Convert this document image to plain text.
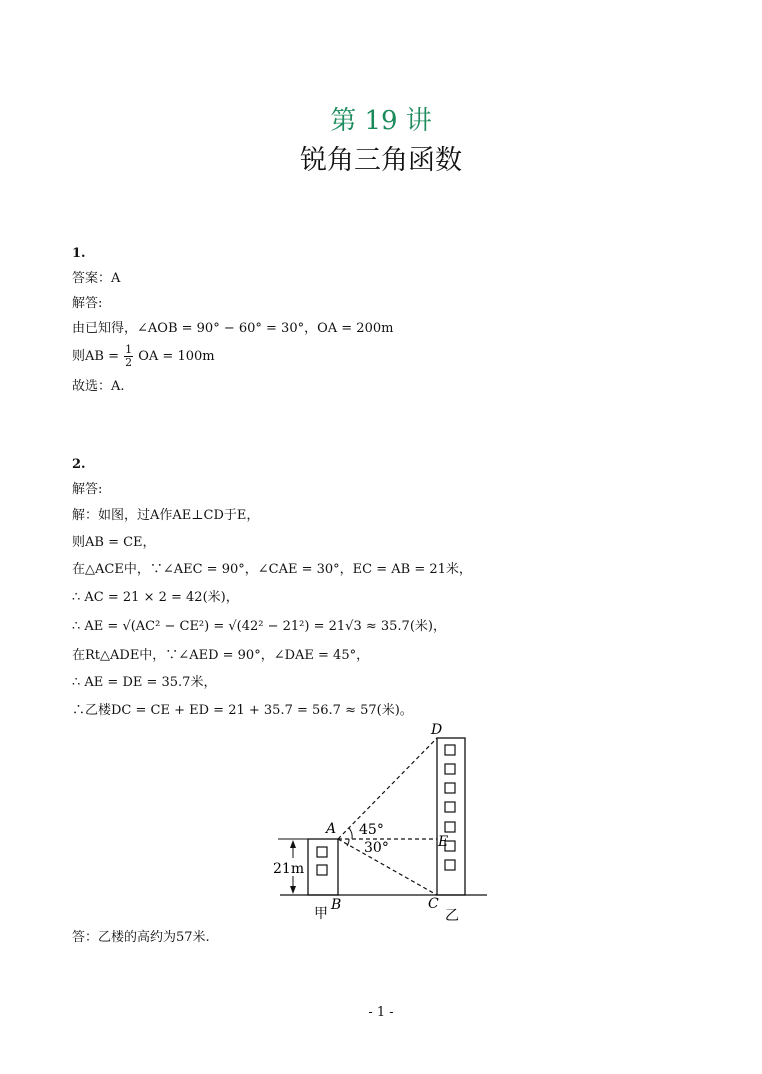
第 19 讲
锐角三角函数
1.
答案：A
解答:
由已知得，∠AOB = 90° − 60° = 30°，OA = 200m
则AB = $\frac{1}{2}$ OA = 100m
故选：A.
2.
解答:
解：如图，过A作AE⊥CD于E，
则AB = CE，
在△ACE中，∵∠AEC = 90°，∠CAE = 30°，EC = AB = 21米，
∴ AC = 21 × 2 = 42(米)，
∴ AE = √(AC² − CE²) = √(42² − 21²) = 21√3 ≈ 35.7(米)，
在Rt△ADE中，∵∠AED = 90°，∠DAE = 45°，
∴ AE = DE = 35.7米，
∴乙楼DC = CE + ED = 21 + 35.7 = 56.7 ≈ 57(米)。
D
A 45°
30°	E
21m
B	C
甲	乙
答：乙楼的高约为57米.
- 1 -
